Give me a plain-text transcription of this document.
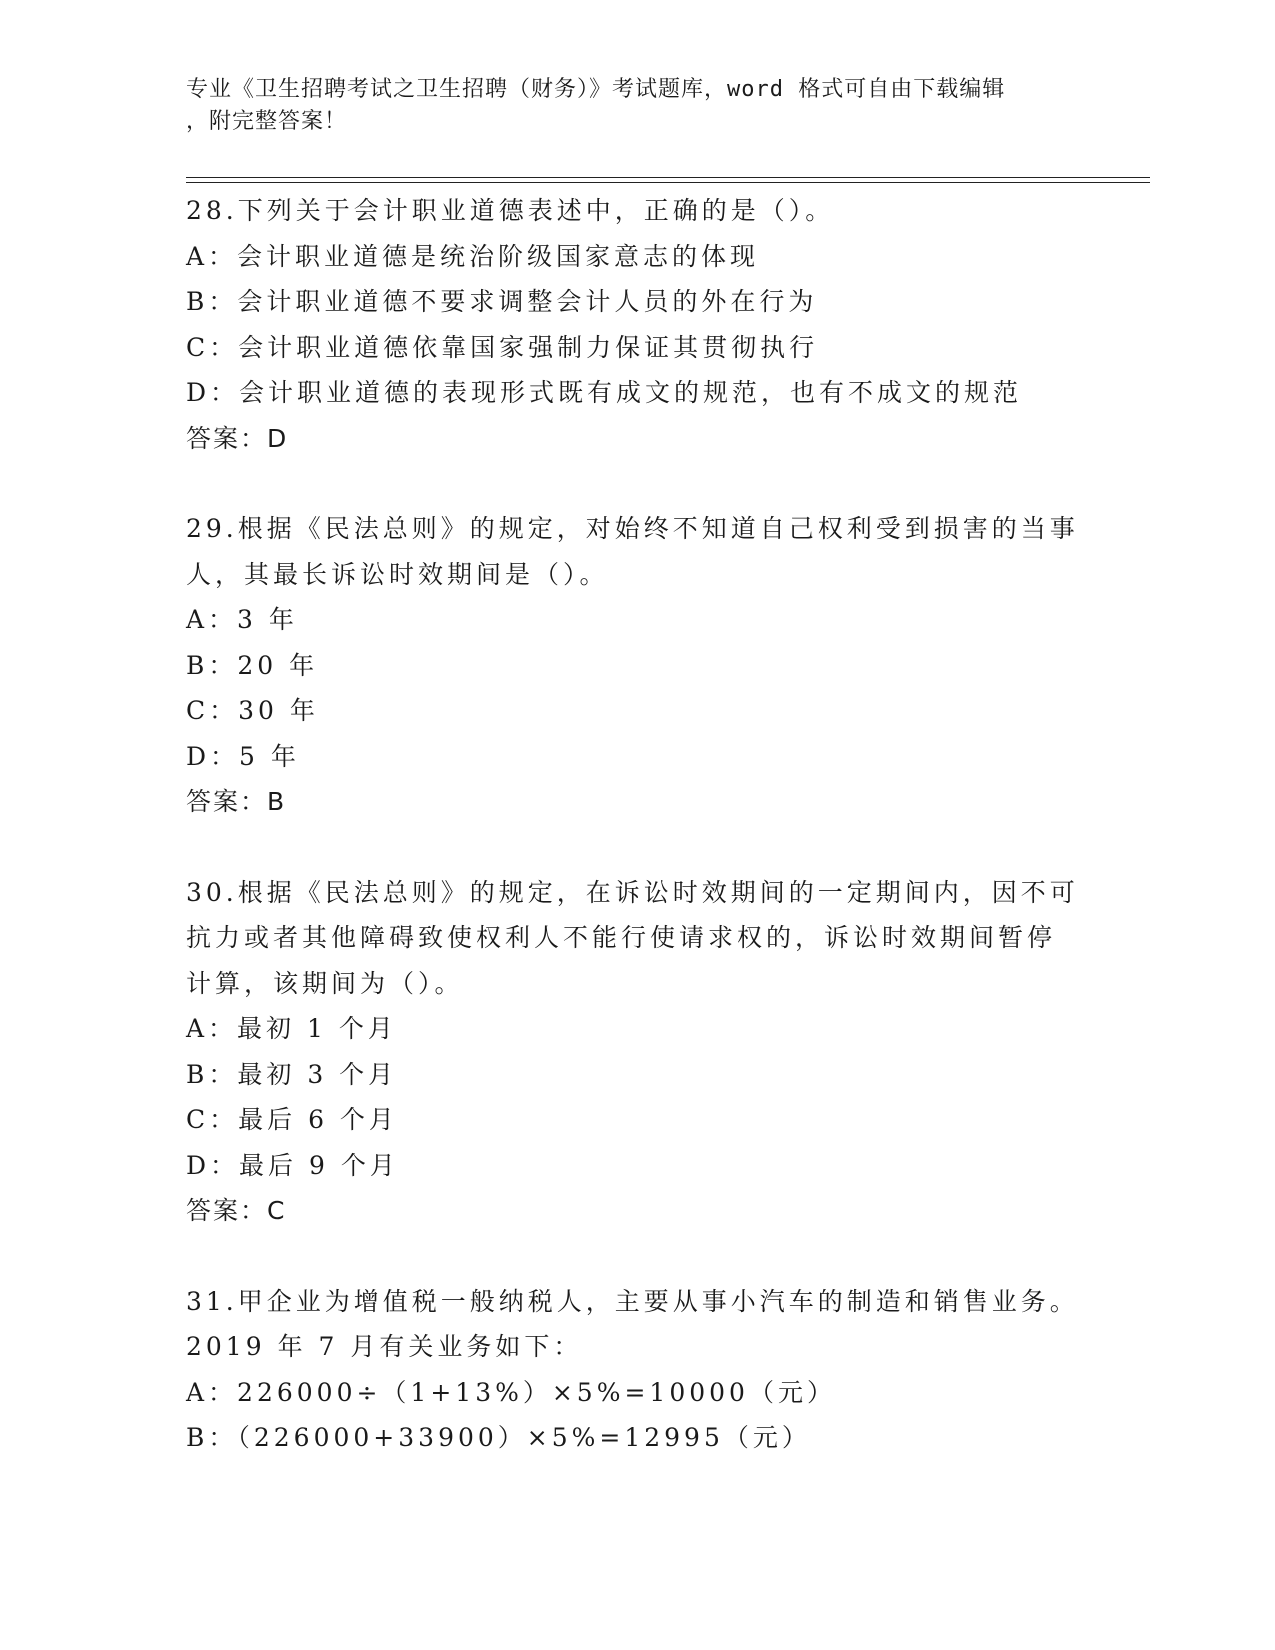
专业《卫生招聘考试之卫生招聘（财务）》考试题库，word 格式可自由下载编辑
，附完整答案！
28.下列关于会计职业道德表述中，正确的是（）。
A：会计职业道德是统治阶级国家意志的体现
B：会计职业道德不要求调整会计人员的外在行为
C：会计职业道德依靠国家强制力保证其贯彻执行
D：会计职业道德的表现形式既有成文的规范，也有不成文的规范
答案：D
29.根据《民法总则》的规定，对始终不知道自己权利受到损害的当事
人，其最长诉讼时效期间是（）。
A：3 年
B：20 年
C：30 年
D：5 年
答案：B
30.根据《民法总则》的规定，在诉讼时效期间的一定期间内，因不可
抗力或者其他障碍致使权利人不能行使请求权的，诉讼时效期间暂停
计算，该期间为（）。
A：最初 1 个月
B：最初 3 个月
C：最后 6 个月
D：最后 9 个月
答案：C
31.甲企业为增值税一般纳税人，主要从事小汽车的制造和销售业务。
2019 年 7 月有关业务如下：
A：226000÷（1+13%）×5%=10000（元）
B：（226000+33900）×5%=12995（元）
